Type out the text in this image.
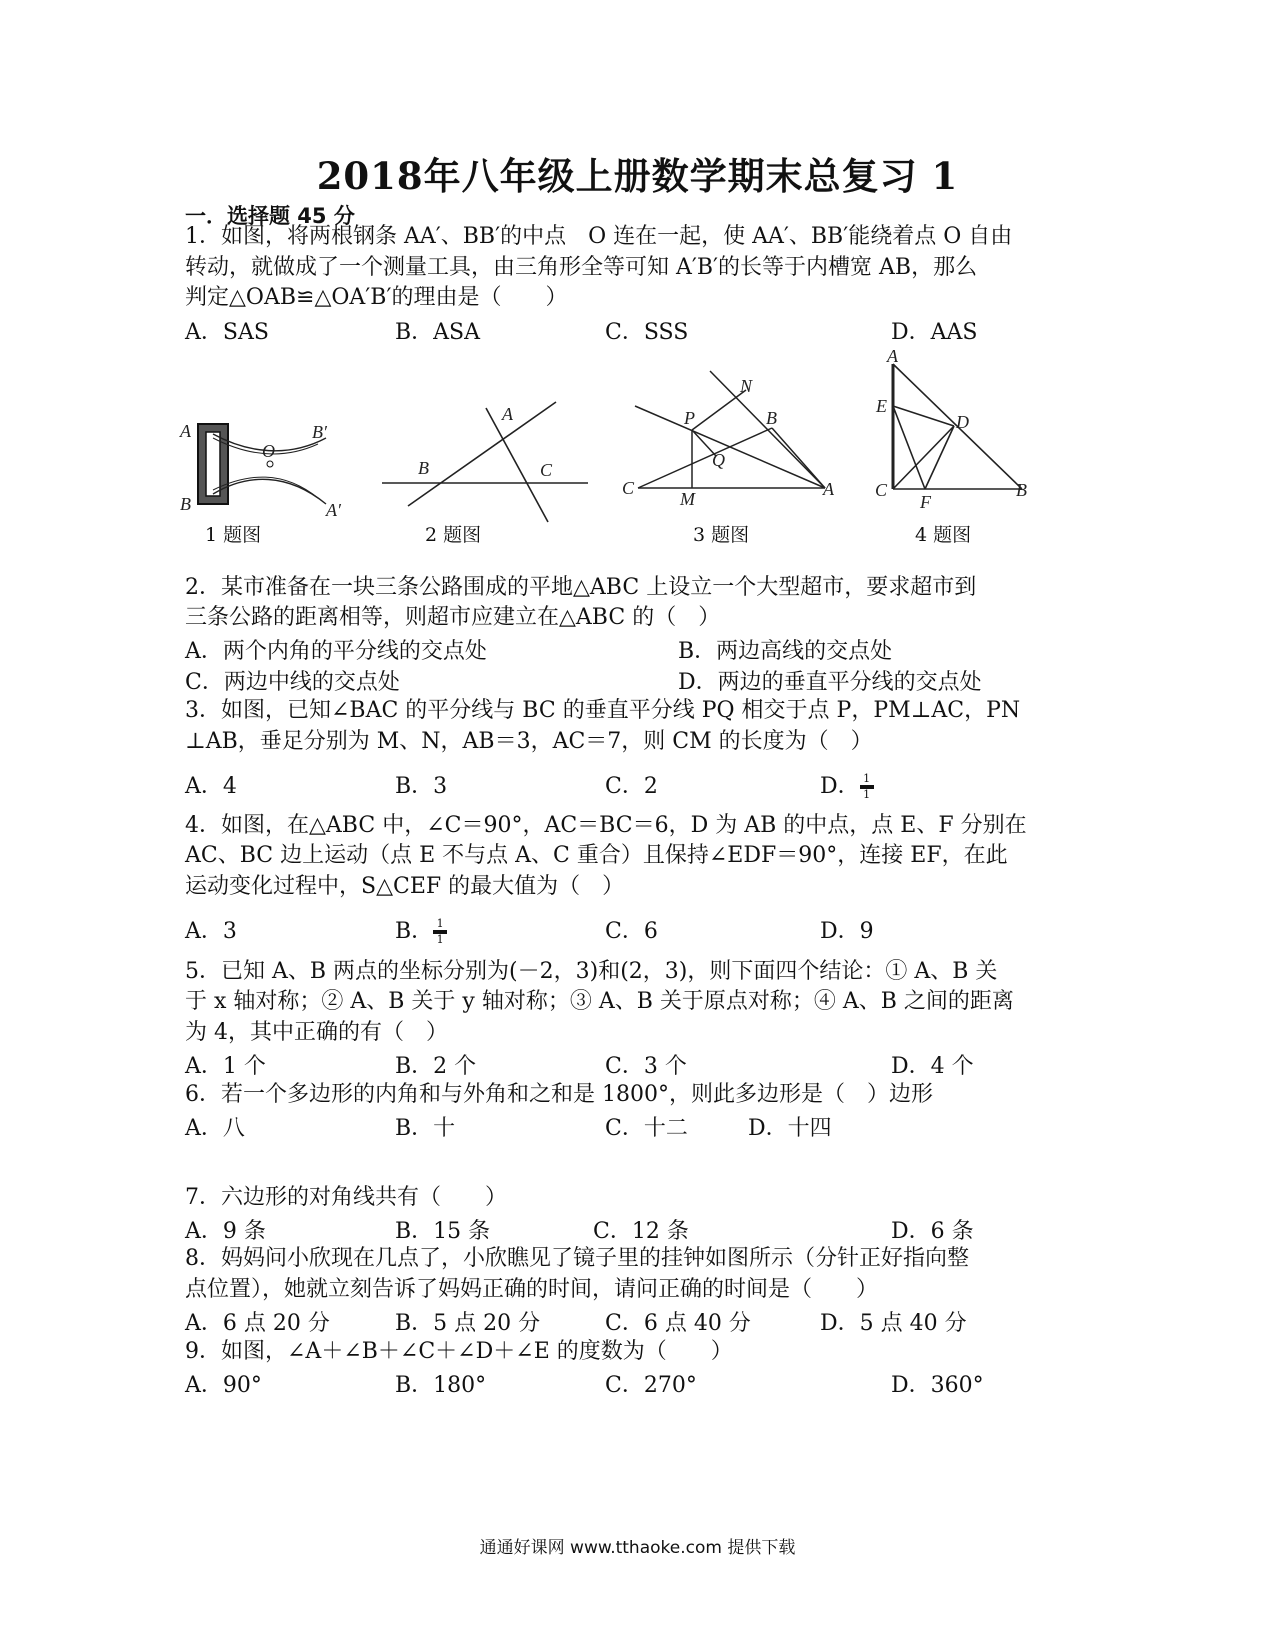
2018年八年级上册数学期末总复习 1
一．选择题 45 分
1．如图，将两根钢条 AA′、BB′的中点　O 连在一起，使 AA′、BB′能绕着点 O 自由
转动，就做成了一个测量工具，由三角形全等可知 A′B′的长等于内槽宽 AB，那么
判定△OAB≌△OA′B′的理由是（　　）
A．SAS	B．ASA	C．SSS	D．AAS
A
B
O
B′
A′
1 题图
A
B	C
2 题图
N
P	B
Q
C
M	A
3 题图
A
E
D
C
F
B
4 题图
2．某市准备在一块三条公路围成的平地△ABC 上设立一个大型超市，要求超市到
三条公路的距离相等，则超市应建立在△ABC 的（　）
A．两个内角的平分线的交点处	B．两边高线的交点处
C．两边中线的交点处	D．两边的垂直平分线的交点处
3．如图，已知∠BAC 的平分线与 BC 的垂直平分线 PQ 相交于点 P，PM⊥AC，PN
⊥AB，垂足分别为 M、N，AB＝3，AC＝7，则 CM 的长度为（　）
A．4	B．3	C．2	D．$\frac{1}{1}$
4．如图，在△ABC 中，∠C＝90°，AC＝BC＝6，D 为 AB 的中点，点 E、F 分别在
AC、BC 边上运动（点 E 不与点 A、C 重合）且保持∠EDF＝90°，连接 EF，在此
运动变化过程中，S△CEF 的最大值为（　）
A．3	B．$\frac{1}{1}$	C．6	D．9
5．已知 A、B 两点的坐标分别为(－2，3)和(2，3)，则下面四个结论：① A、B 关
于 x 轴对称；② A、B 关于 y 轴对称；③ A、B 关于原点对称；④ A、B 之间的距离
为 4，其中正确的有（　）
A．1 个	B．2 个	C．3 个	D．4 个
6．若一个多边形的内角和与外角和之和是 1800°，则此多边形是（　）边形
A．八	B．十	C．十二	D．十四
7．六边形的对角线共有（　　）
A．9 条	B．15 条	C．12 条	D．6 条
8．妈妈问小欣现在几点了，小欣瞧见了镜子里的挂钟如图所示（分针正好指向整
点位置），她就立刻告诉了妈妈正确的时间，请问正确的时间是（　　）
A．6 点 20 分	B．5 点 20 分	C．6 点 40 分	D．5 点 40 分
9．如图，∠A＋∠B＋∠C＋∠D＋∠E 的度数为（　　）
A．90°	B．180°	C．270°	D．360°
通通好课网 www.tthaoke.com 提供下载
